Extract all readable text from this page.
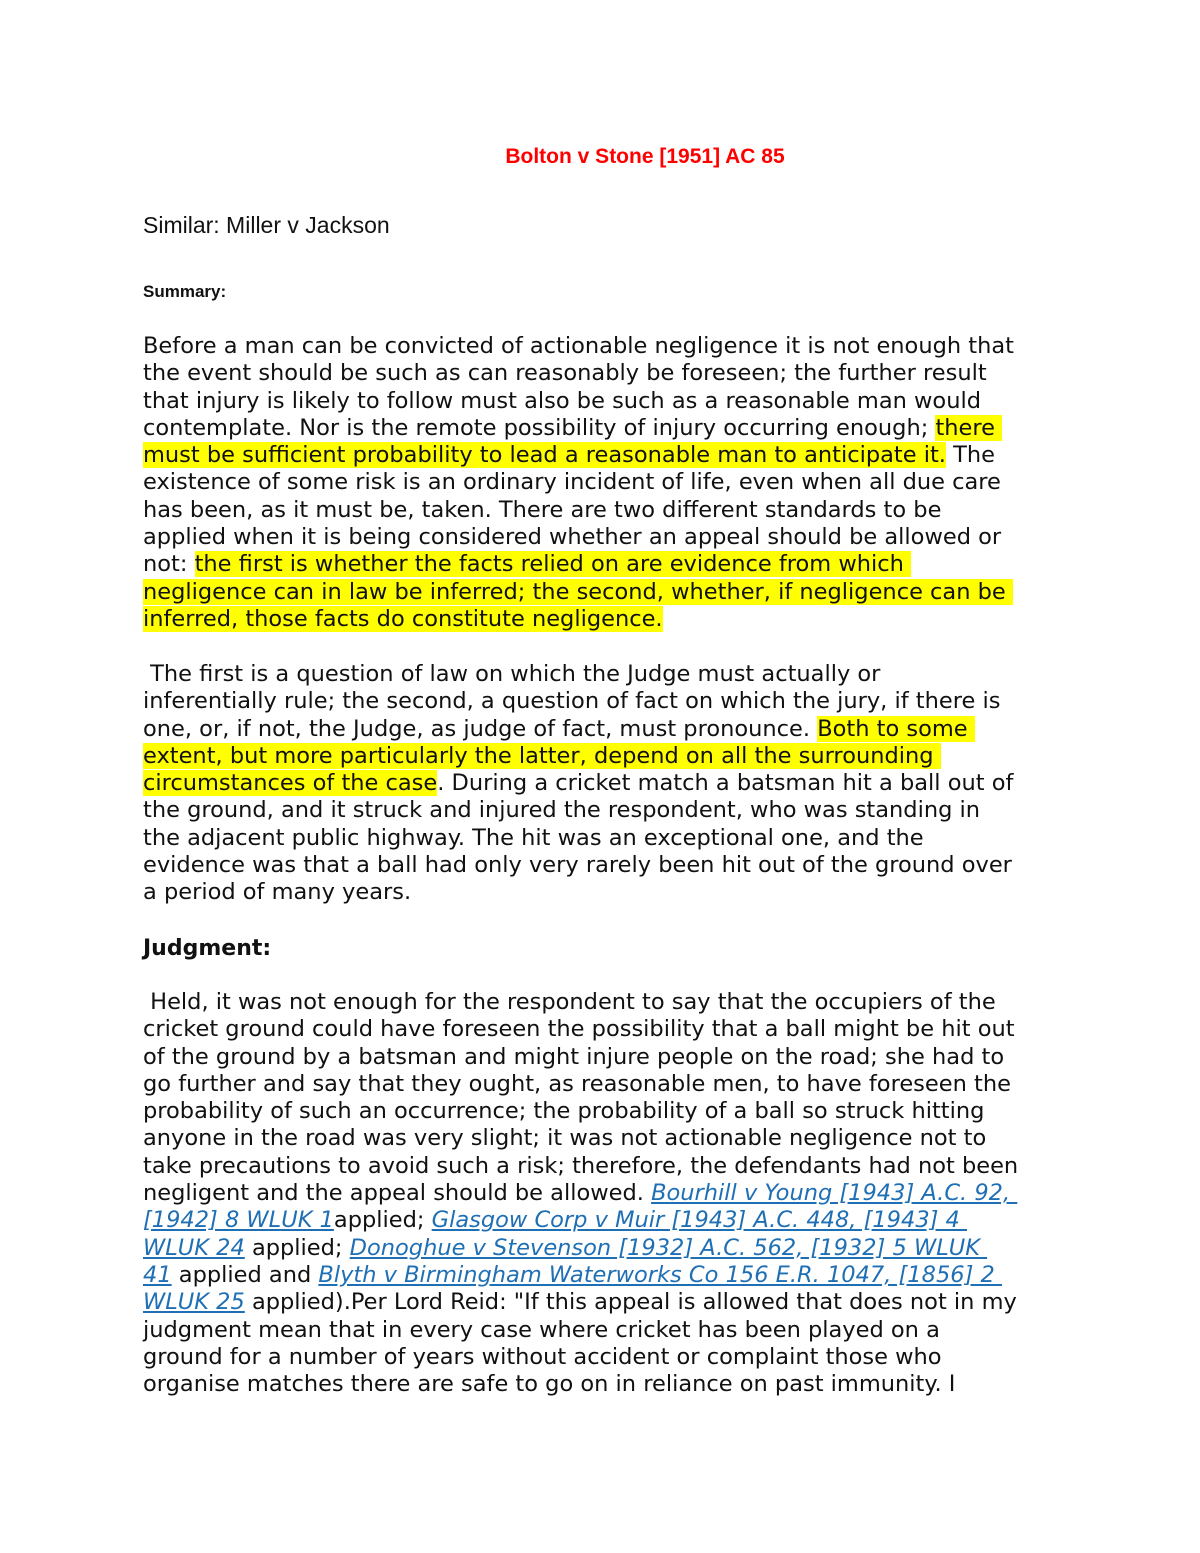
Bolton v Stone [1951] AC 85
Similar: Miller v Jackson
Summary:
Before a man can be convicted of actionable negligence it is not enough that
the event should be such as can reasonably be foreseen; the further result
that injury is likely to follow must also be such as a reasonable man would
contemplate. Nor is the remote possibility of injury occurring enough; there
must be sufficient probability to lead a reasonable man to anticipate it. The
existence of some risk is an ordinary incident of life, even when all due care
has been, as it must be, taken. There are two different standards to be
applied when it is being considered whether an appeal should be allowed or
not: the first is whether the facts relied on are evidence from which
negligence can in law be inferred; the second, whether, if negligence can be
inferred, those facts do constitute negligence.
The first is a question of law on which the Judge must actually or
inferentially rule; the second, a question of fact on which the jury, if there is
one, or, if not, the Judge, as judge of fact, must pronounce. Both to some
extent, but more particularly the latter, depend on all the surrounding
circumstances of the case. During a cricket match a batsman hit a ball out of
the ground, and it struck and injured the respondent, who was standing in
the adjacent public highway. The hit was an exceptional one, and the
evidence was that a ball had only very rarely been hit out of the ground over
a period of many years.
Judgment:
Held, it was not enough for the respondent to say that the occupiers of the
cricket ground could have foreseen the possibility that a ball might be hit out
of the ground by a batsman and might injure people on the road; she had to
go further and say that they ought, as reasonable men, to have foreseen the
probability of such an occurrence; the probability of a ball so struck hitting
anyone in the road was very slight; it was not actionable negligence not to
take precautions to avoid such a risk; therefore, the defendants had not been
negligent and the appeal should be allowed. Bourhill v Young [1943] A.C. 92,
[1942] 8 WLUK 1applied; Glasgow Corp v Muir [1943] A.C. 448, [1943] 4
WLUK 24 applied; Donoghue v Stevenson [1932] A.C. 562, [1932] 5 WLUK
41 applied and Blyth v Birmingham Waterworks Co 156 E.R. 1047, [1856] 2
WLUK 25 applied).Per Lord Reid: "If this appeal is allowed that does not in my
judgment mean that in every case where cricket has been played on a
ground for a number of years without accident or complaint those who
organise matches there are safe to go on in reliance on past immunity. I
